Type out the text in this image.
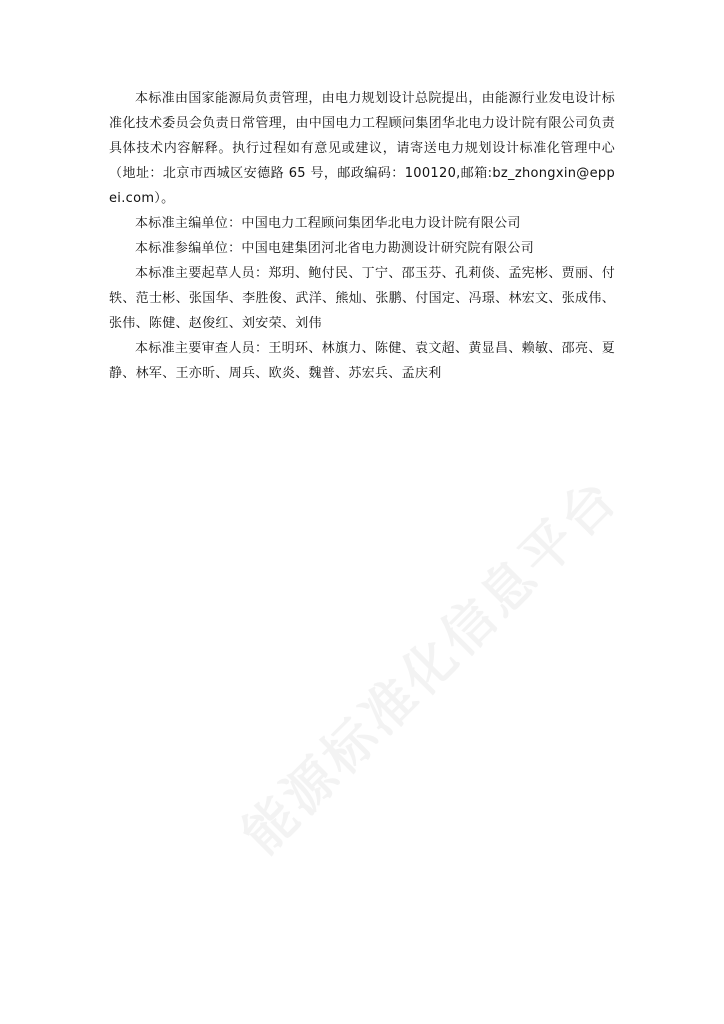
本标准由国家能源局负责管理，由电力规划设计总院提出，由能源行业发电设计标准化技术委员会负责日常管理，由中国电力工程顾问集团华北电力设计院有限公司负责具体技术内容解释。执行过程如有意见或建议，请寄送电力规划设计标准化管理中心（地址：北京市西城区安德路 65 号，邮政编码：100120,邮箱:bz_zhongxin@eppei.com）。

本标准主编单位：中国电力工程顾问集团华北电力设计院有限公司

本标准参编单位：中国电建集团河北省电力勘测设计研究院有限公司

本标准主要起草人员：郑玥、鲍付民、丁宁、邵玉芬、孔莉倓、孟宪彬、贾丽、付轶、范士彬、张国华、李胜俊、武洋、熊灿、张鹏、付国定、冯璟、林宏文、张成伟、张伟、陈健、赵俊红、刘安荣、刘伟

本标准主要审查人员：王明环、林旗力、陈健、袁文超、黄显昌、赖敏、邵亮、夏静、林军、王亦昕、周兵、欧炎、魏普、苏宏兵、孟庆利

能源标准化信息平台
